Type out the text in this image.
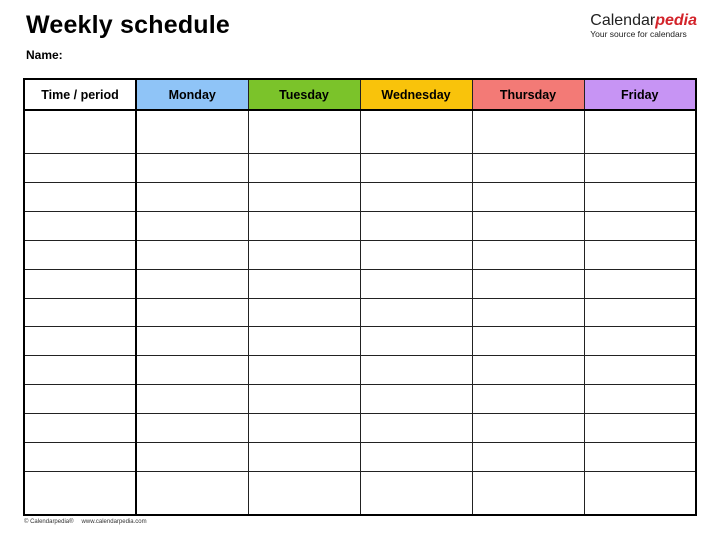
Weekly schedule
Name:
Calendarpedia
Your source for calendars
Time / period	Monday	Tuesday	Wednesday	Thursday	Friday

© Calendarpedia® www.calendarpedia.com
